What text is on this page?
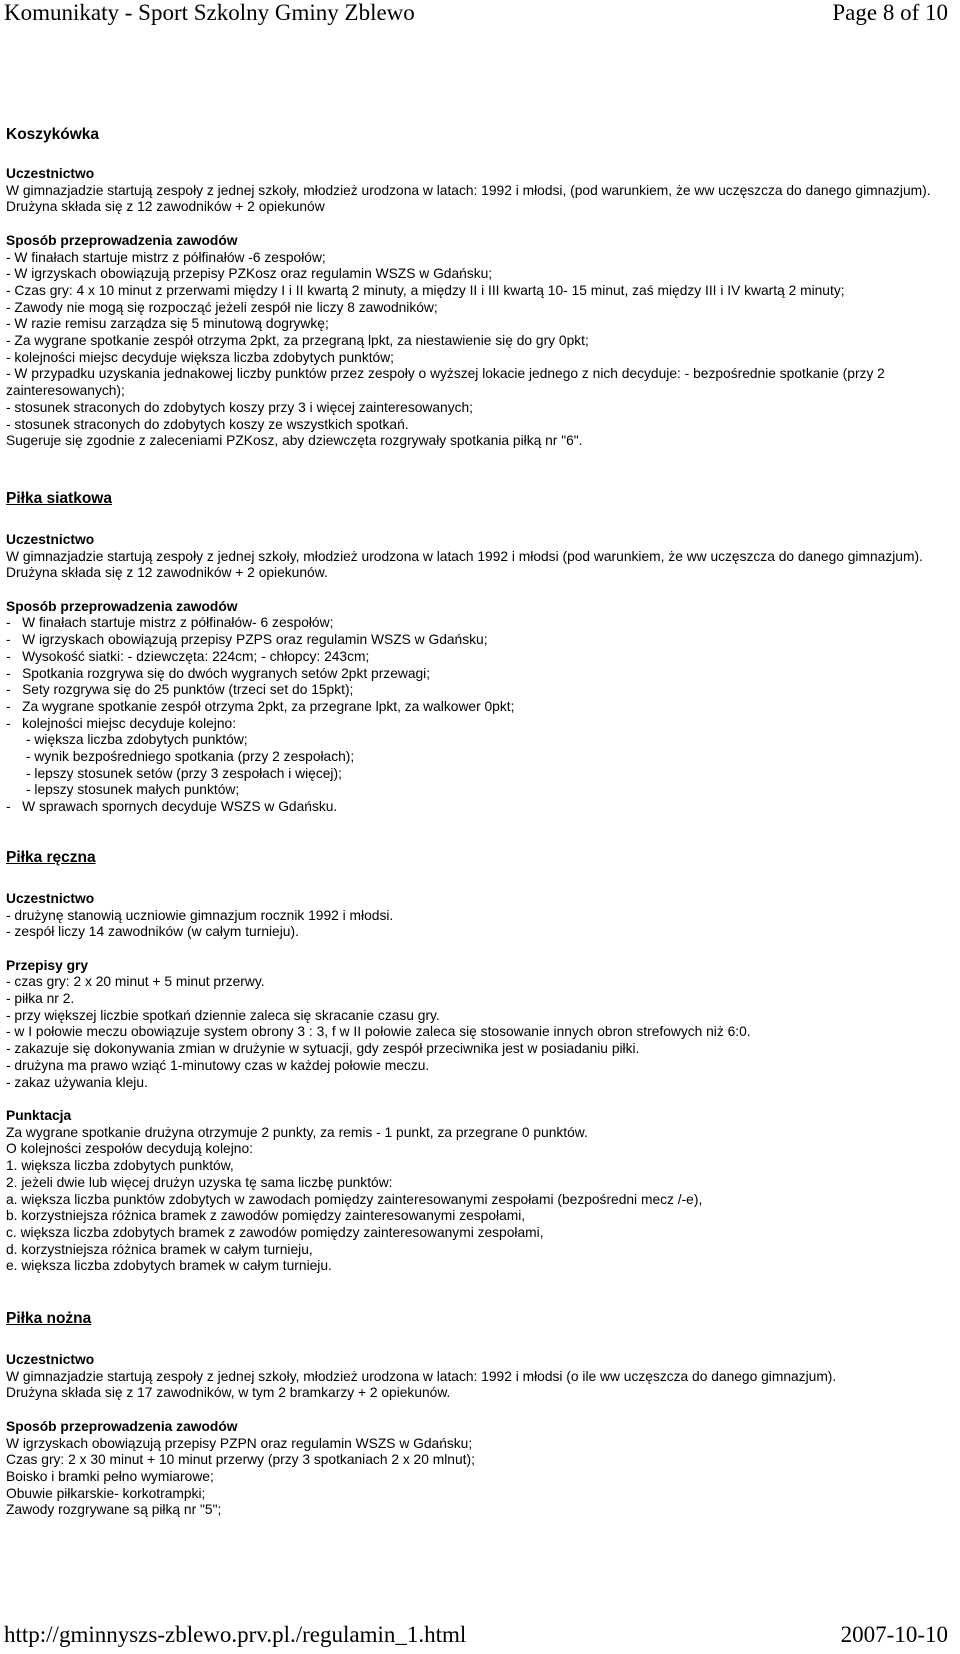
Komunikaty - Sport Szkolny Gminy Zblewo	Page 8 of 10

Koszykówka

Uczestnictwo

W gimnazjadzie startują zespoły z jednej szkoły, młodzież urodzona w latach: 1992 i młodsi, (pod warunkiem, że ww uczęszcza do danego gimnazjum). Drużyna składa się z 12 zawodników + 2 opiekunów

Sposób przeprowadzenia zawodów

- W finałach startuje mistrz z półfinałów -6 zespołów;

- W igrzyskach obowiązują przepisy PZKosz oraz regulamin WSZS w Gdańsku;

- Czas gry: 4 x 10 minut z przerwami między I i II kwartą 2 minuty, a między II i III kwartą 10- 15 minut, zaś między III i IV kwartą 2 minuty;

- Zawody nie mogą się rozpocząć jeżeli zespół nie liczy 8 zawodników;

- W razie remisu zarządza się 5 minutową dogrywkę;

- Za wygrane spotkanie zespół otrzyma 2pkt, za przegraną lpkt, za niestawienie się do gry 0pkt;

- kolejności miejsc decyduje większa liczba zdobytych punktów;

- W przypadku uzyskania jednakowej liczby punktów przez zespoły o wyższej lokacie jednego z nich decyduje: - bezpośrednie spotkanie (przy 2 zainteresowanych);

- stosunek straconych do zdobytych koszy przy 3 i więcej zainteresowanych;

- stosunek straconych do zdobytych koszy ze wszystkich spotkań.

Sugeruje się zgodnie z zaleceniami PZKosz, aby dziewczęta rozgrywały spotkania piłką nr "6".

Piłka siatkowa

Uczestnictwo

W gimnazjadzie startują zespoły z jednej szkoły, młodzież urodzona w latach 1992 i młodsi (pod warunkiem, że ww uczęszcza do danego gimnazjum). Drużyna składa się z 12 zawodników + 2 opiekunów.

Sposób przeprowadzenia zawodów

-   W finałach startuje mistrz z półfinałów- 6 zespołów;

-   W igrzyskach obowiązują przepisy PZPS oraz regulamin WSZS w Gdańsku;

-   Wysokość siatki: - dziewczęta: 224cm; - chłopcy: 243cm;

-   Spotkania rozgrywa się do dwóch wygranych setów 2pkt przewagi;

-   Sety rozgrywa się do 25 punktów (trzeci set do 15pkt);

-   Za wygrane spotkanie zespół otrzyma 2pkt, za przegrane lpkt, za walkower 0pkt;

-   kolejności miejsc decyduje kolejno:

- większa liczba zdobytych punktów;

- wynik bezpośredniego spotkania (przy 2 zespołach);

- lepszy stosunek setów (przy 3 zespołach i więcej);

- lepszy stosunek małych punktów;

-   W sprawach spornych decyduje WSZS w Gdańsku.

Piłka ręczna

Uczestnictwo

- drużynę stanowią uczniowie gimnazjum rocznik 1992 i młodsi.

- zespół liczy 14 zawodników (w całym turnieju).

Przepisy gry

- czas gry: 2 x 20 minut + 5 minut przerwy.

- piłka nr 2.

- przy większej liczbie spotkań dziennie zaleca się skracanie czasu gry.

- w I połowie meczu obowiązuje system obrony 3 : 3, f w II połowie zaleca się stosowanie innych obron strefowych niż 6:0.

- zakazuje się dokonywania zmian w drużynie w sytuacji, gdy zespół przeciwnika jest w posiadaniu piłki.

- drużyna ma prawo wziąć 1-minutowy czas w każdej połowie meczu.

- zakaz używania kleju.

Punktacja

Za wygrane spotkanie drużyna otrzymuje 2 punkty, za remis - 1 punkt, za przegrane 0 punktów.

O kolejności zespołów decydują kolejno:

1. większa liczba zdobytych punktów,

2. jeżeli dwie lub więcej drużyn uzyska tę sama liczbę punktów:

a. większa liczba punktów zdobytych w zawodach pomiędzy zainteresowanymi zespołami (bezpośredni mecz /-e),

b. korzystniejsza różnica bramek z zawodów pomiędzy zainteresowanymi zespołami,

c. większa liczba zdobytych bramek z zawodów pomiędzy zainteresowanymi zespołami,

d. korzystniejsza różnica bramek w całym turnieju,

e. większa liczba zdobytych bramek w całym turnieju.

Piłka nożna

Uczestnictwo

W gimnazjadzie startują zespoły z jednej szkoły, młodzież urodzona w latach: 1992 i młodsi (o ile ww uczęszcza do danego gimnazjum).

Drużyna składa się z 17 zawodników, w tym 2 bramkarzy + 2 opiekunów.

Sposób przeprowadzenia zawodów

W igrzyskach obowiązują przepisy PZPN oraz regulamin WSZS w Gdańsku;

Czas gry: 2 x 30 minut + 10 minut przerwy (przy 3 spotkaniach 2 x 20 mlnut);

Boisko i bramki pełno wymiarowe;

Obuwie piłkarskie- korkotrampki;

Zawody rozgrywane są piłką nr "5";

http://gminnyszs-zblewo.prv.pl./regulamin_1.html	2007-10-10
